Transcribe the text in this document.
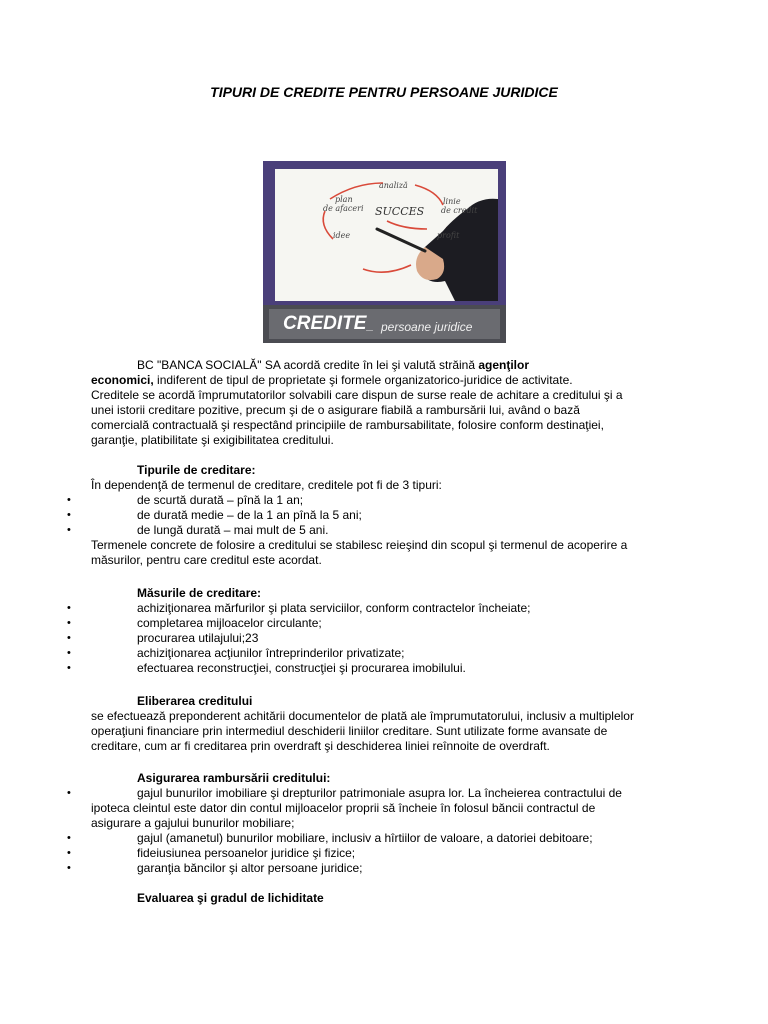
TIPURI DE CREDITE PENTRU PERSOANE JURIDICE
analiză
plan
de afaceri SUCCES
linie
de credit
idee	profit
CREDITE
_ persoane juridice
BC "BANCA SOCIALĂ" SA acordă credite în lei şi valută străină agenţilor
economici, indiferent de tipul de proprietate şi formele organizatorico-juridice de activitate.
Creditele se acordă împrumutatorilor solvabili care dispun de surse reale de achitare a creditului şi a
unei istorii creditare pozitive, precum şi de o asigurare fiabilă a rambursării lui, având o bază
comercială contractuală şi respectând principiile de rambursabilitate, folosire conform destinaţiei,
garanţie, platibilitate şi exigibilitatea creditului.
Tipurile de creditare:
În dependenţă de termenul de creditare, creditele pot fi de 3 tipuri:
•	de scurtă durată – pînă la 1 an;
•	de durată medie – de la 1 an pînă la 5 ani;
•	de lungă durată – mai mult de 5 ani.
Termenele concrete de folosire a creditului se stabilesc reieşind din scopul şi termenul de acoperire a
măsurilor, pentru care creditul este acordat.
Măsurile de creditare:
•	achiziţionarea mărfurilor şi plata serviciilor, conform contractelor încheiate;
•	completarea mijloacelor circulante;
•	procurarea utilajului;23
•	achiziţionarea acţiunilor întreprinderilor privatizate;
•	efectuarea reconstrucţiei, construcţiei şi procurarea imobilului.
Eliberarea creditului
se efectuează preponderent achitării documentelor de plată ale împrumutatorului, inclusiv a multiplelor
operaţiuni financiare prin intermediul deschiderii liniilor creditare. Sunt utilizate forme avansate de
creditare, cum ar fi creditarea prin overdraft şi deschiderea liniei reînnoite de overdraft.
Asigurarea rambursării creditului:
•	gajul bunurilor imobiliare şi drepturilor patrimoniale asupra lor. La încheierea contractului de
ipoteca cleintul este dator din contul mijloacelor proprii să încheie în folosul băncii contractul de
asigurare a gajului bunurilor mobiliare;
•	gajul (amanetul) bunurilor mobiliare, inclusiv a hîrtiilor de valoare, a datoriei debitoare;
•	fideiusiunea persoanelor juridice şi fizice;
•	garanţia băncilor şi altor persoane juridice;
Evaluarea şi gradul de lichiditate
